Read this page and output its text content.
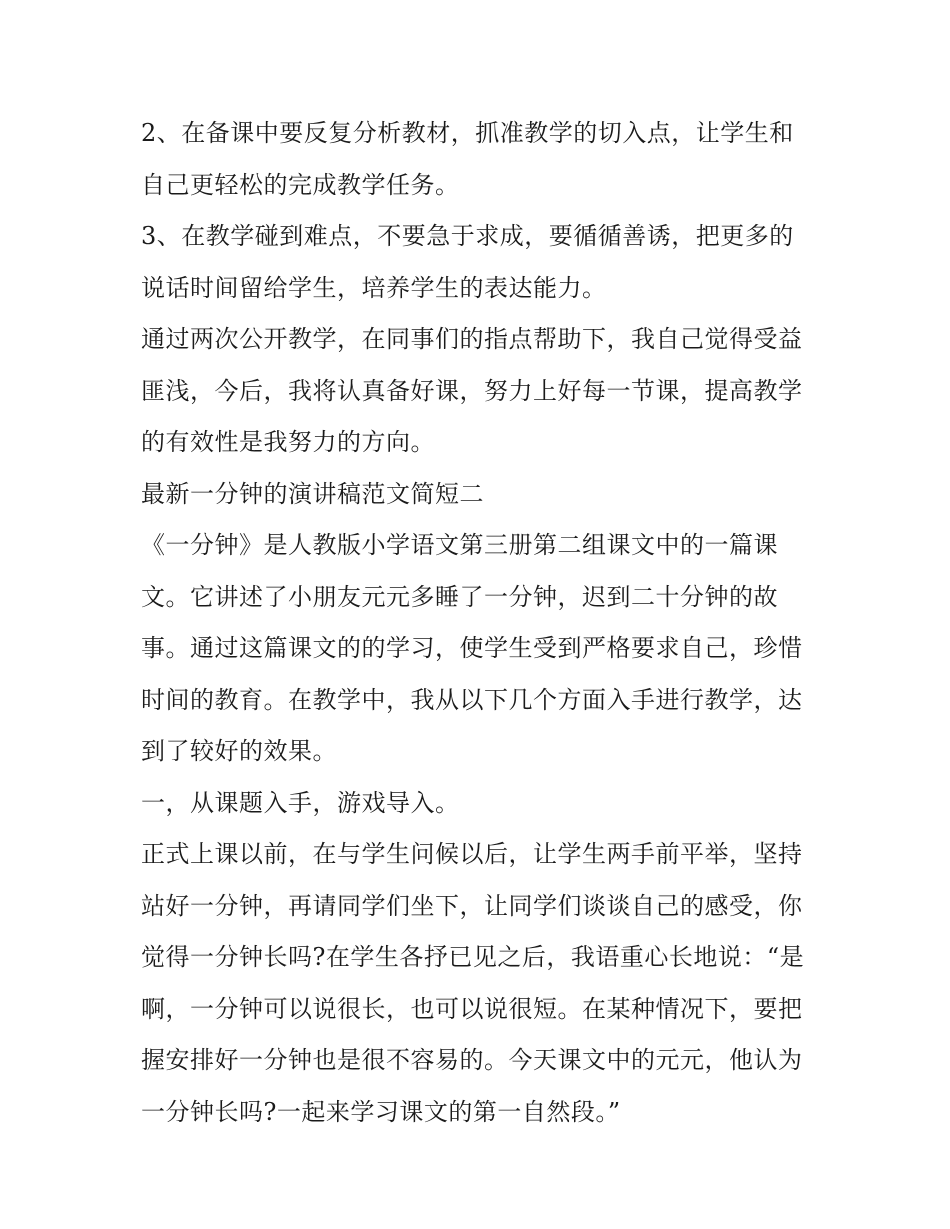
2、在备课中要反复分析教材，抓准教学的切入点，让学生和
自己更轻松的完成教学任务。
3、在教学碰到难点，不要急于求成，要循循善诱，把更多的
说话时间留给学生，培养学生的表达能力。
通过两次公开教学，在同事们的指点帮助下，我自己觉得受益
匪浅，今后，我将认真备好课，努力上好每一节课，提高教学
的有效性是我努力的方向。
最新一分钟的演讲稿范文简短二
《一分钟》是人教版小学语文第三册第二组课文中的一篇课
文。它讲述了小朋友元元多睡了一分钟，迟到二十分钟的故
事。通过这篇课文的的学习，使学生受到严格要求自己，珍惜
时间的教育。在教学中，我从以下几个方面入手进行教学，达
到了较好的效果。
一，从课题入手，游戏导入。
正式上课以前，在与学生问候以后，让学生两手前平举，坚持
站好一分钟，再请同学们坐下，让同学们谈谈自己的感受，你
觉得一分钟长吗?在学生各抒已见之后，我语重心长地说：“是
啊，一分钟可以说很长，也可以说很短。在某种情况下，要把
握安排好一分钟也是很不容易的。今天课文中的元元，他认为
一分钟长吗?一起来学习课文的第一自然段。”
